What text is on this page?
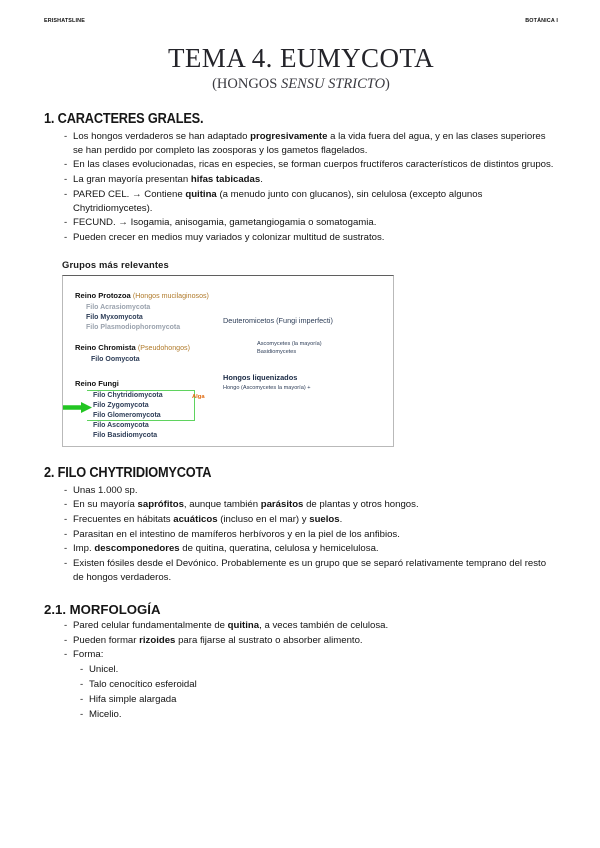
ERISHATSLINE	BOTÁNICA I
TEMA 4. EUMYCOTA
(HONGOS SENSU STRICTO)
1. CARACTERES GRALES.
- Los hongos verdaderos se han adaptado progresivamente a la vida fuera del agua, y en las clases superiores se han perdido por completo las zoosporas y los gametos flagelados.
- En las clases evolucionadas, ricas en especies, se forman cuerpos fructíferos característicos de distintos grupos.
- La gran mayoría presentan hifas tabicadas.
- PARED CEL. → Contiene quitina (a menudo junto con glucanos), sin celulosa (excepto algunos Chytridiomycetes).
- FECUND. → Isogamia, anisogamia, gametangiogamia o somatogamia.
- Pueden crecer en medios muy variados y colonizar multitud de sustratos.
Grupos más relevantes
Reino Protozoa (Hongos mucilaginosos)
Filo Acrasiomycota
Filo Myxomycota
Filo Plasmodiophoromycota
Reino Chromista (Pseudohongos)
Filo Oomycota
Reino Fungi
Filo Chytridiomycota
Filo Zygomycota
Filo Glomeromycota
Filo Ascomycota
Filo Basidiomycota
Deuteromicetos (Fungi imperfecti)
Ascomycetes (la mayoría)
Basidiomycetes
Hongos liquenizados
Hongo (Ascomycetes la mayoría) +
Alga
2. FILO CHYTRIDIOMYCOTA
- Unas 1.000 sp.
- En su mayoría saprófitos, aunque también parásitos de plantas y otros hongos.
- Frecuentes en hábitats acuáticos (incluso en el mar) y suelos.
- Parasitan en el intestino de mamíferos herbívoros y en la piel de los anfibios.
- Imp. descomponedores de quitina, queratina, celulosa y hemicelulosa.
- Existen fósiles desde el Devónico. Probablemente es un grupo que se separó relativamente temprano del resto de hongos verdaderos.
2.1. MORFOLOGÍA
- Pared celular fundamentalmente de quitina, a veces también de celulosa.
- Pueden formar rizoides para fijarse al sustrato o absorber alimento.
- Forma:
- Unicel.
- Talo cenocítico esferoidal
- Hifa simple alargada
- Micelio.
